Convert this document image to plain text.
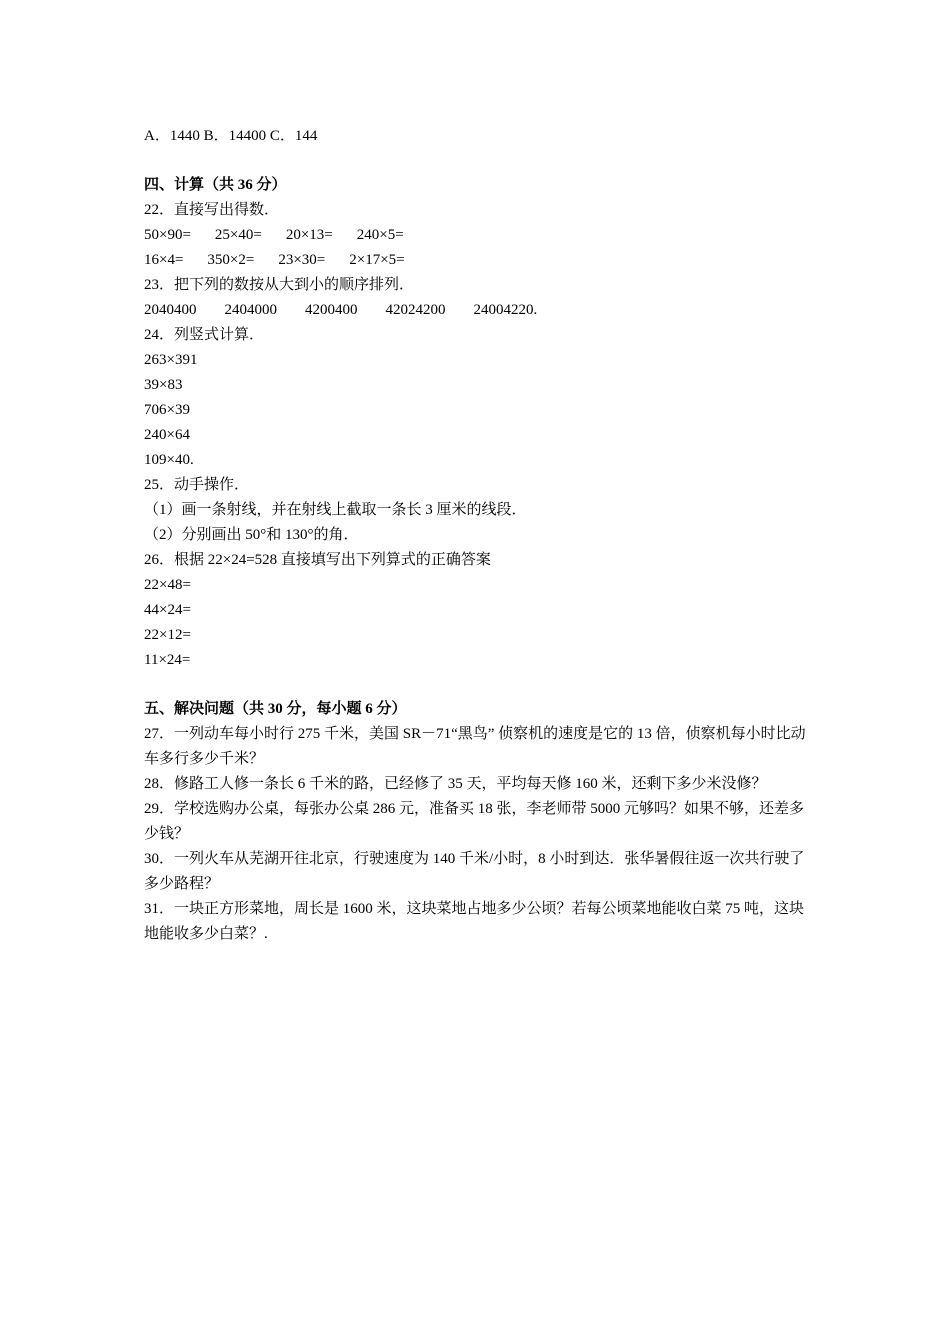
A．1440 B．14400 C．144
四、计算（共 36 分）
22．直接写出得数．
50×90= 25×40= 20×13= 240×5=
16×4= 350×2= 23×30= 2×17×5=
23．把下列的数按从大到小的顺序排列．
2040400 2404000 4200400 42024200 24004220.
24．列竖式计算．
263×391
39×83
706×39
240×64
109×40.
25．动手操作．
（1）画一条射线，并在射线上截取一条长 3 厘米的线段．
（2）分别画出 50°和 130°的角．
26．根据 22×24=528 直接填写出下列算式的正确答案
22×48=
44×24=
22×12=
11×24=
五、解决问题（共 30 分，每小题 6 分）
27．一列动车每小时行 275 千米，美国 SR－71“黑鸟” 侦察机的速度是它的 13 倍，侦察机每小时比动车多行多少千米？
28．修路工人修一条长 6 千米的路，已经修了 35 天，平均每天修 160 米，还剩下多少米没修？
29．学校选购办公桌，每张办公桌 286 元，准备买 18 张，李老师带 5000 元够吗？如果不够，还差多少钱？
30．一列火车从芜湖开往北京，行驶速度为 140 千米/小时，8 小时到达．张华暑假往返一次共行驶了多少路程？
31．一块正方形菜地，周长是 1600 米，这块菜地占地多少公顷？若每公顷菜地能收白菜 75 吨，这块地能收多少白菜？.
